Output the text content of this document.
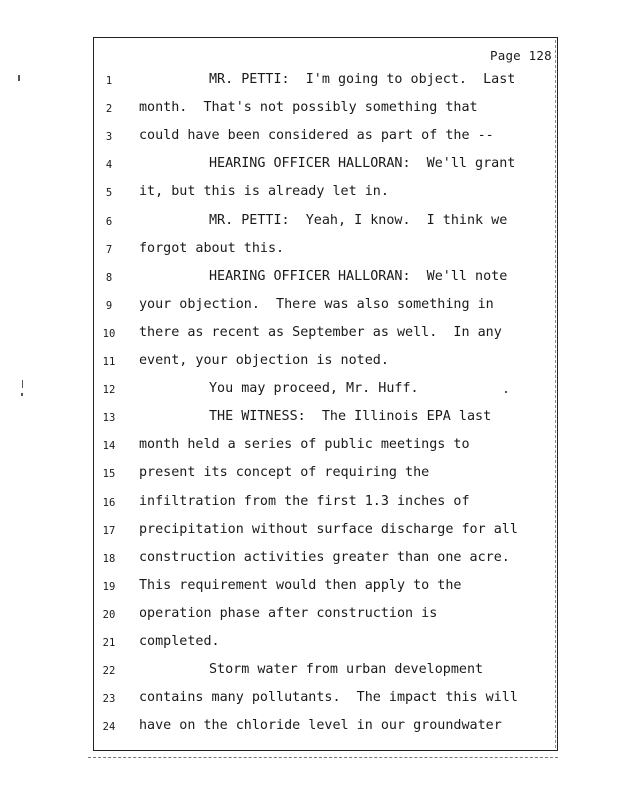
Page 128
1	MR. PETTI:  I'm going to object.  Last
2	month.  That's not possibly something that
3	could have been considered as part of the --
4	HEARING OFFICER HALLORAN:  We'll grant
5	it, but this is already let in.
6	MR. PETTI:  Yeah, I know.  I think we
7	forgot about this.
8	HEARING OFFICER HALLORAN:  We'll note
9	your objection.  There was also something in
10	there as recent as September as well.  In any
11	event, your objection is noted.
12	You may proceed, Mr. Huff.
13	THE WITNESS:  The Illinois EPA last
14	month held a series of public meetings to
15	present its concept of requiring the
16	infiltration from the first 1.3 inches of
17	precipitation without surface discharge for all
18	construction activities greater than one acre.
19	This requirement would then apply to the
20	operation phase after construction is
21	completed.
22	Storm water from urban development
23	contains many pollutants.  The impact this will
24	have on the chloride level in our groundwater
